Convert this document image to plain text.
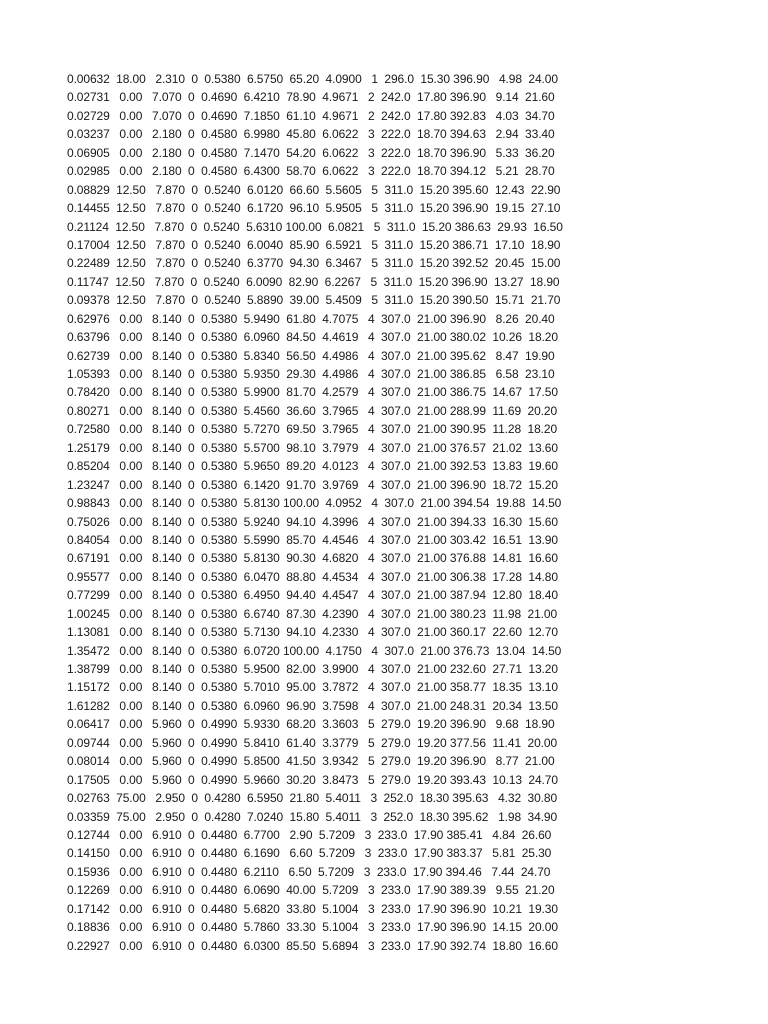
0.00632  18.00   2.310  0  0.5380  6.5750  65.20  4.0900   1  296.0  15.30 396.90   4.98  24.00
0.02731   0.00   7.070  0  0.4690  6.4210  78.90  4.9671   2  242.0  17.80 396.90   9.14  21.60
0.02729   0.00   7.070  0  0.4690  7.1850  61.10  4.9671   2  242.0  17.80 392.83   4.03  34.70
0.03237   0.00   2.180  0  0.4580  6.9980  45.80  6.0622   3  222.0  18.70 394.63   2.94  33.40
0.06905   0.00   2.180  0  0.4580  7.1470  54.20  6.0622   3  222.0  18.70 396.90   5.33  36.20
0.02985   0.00   2.180  0  0.4580  6.4300  58.70  6.0622   3  222.0  18.70 394.12   5.21  28.70
0.08829  12.50   7.870  0  0.5240  6.0120  66.60  5.5605   5  311.0  15.20 395.60  12.43  22.90
0.14455  12.50   7.870  0  0.5240  6.1720  96.10  5.9505   5  311.0  15.20 396.90  19.15  27.10
0.21124  12.50   7.870  0  0.5240  5.6310 100.00  6.0821   5  311.0  15.20 386.63  29.93  16.50
0.17004  12.50   7.870  0  0.5240  6.0040  85.90  6.5921   5  311.0  15.20 386.71  17.10  18.90
0.22489  12.50   7.870  0  0.5240  6.3770  94.30  6.3467   5  311.0  15.20 392.52  20.45  15.00
0.11747  12.50   7.870  0  0.5240  6.0090  82.90  6.2267   5  311.0  15.20 396.90  13.27  18.90
0.09378  12.50   7.870  0  0.5240  5.8890  39.00  5.4509   5  311.0  15.20 390.50  15.71  21.70
0.62976   0.00   8.140  0  0.5380  5.9490  61.80  4.7075   4  307.0  21.00 396.90   8.26  20.40
0.63796   0.00   8.140  0  0.5380  6.0960  84.50  4.4619   4  307.0  21.00 380.02  10.26  18.20
0.62739   0.00   8.140  0  0.5380  5.8340  56.50  4.4986   4  307.0  21.00 395.62   8.47  19.90
1.05393   0.00   8.140  0  0.5380  5.9350  29.30  4.4986   4  307.0  21.00 386.85   6.58  23.10
0.78420   0.00   8.140  0  0.5380  5.9900  81.70  4.2579   4  307.0  21.00 386.75  14.67  17.50
0.80271   0.00   8.140  0  0.5380  5.4560  36.60  3.7965   4  307.0  21.00 288.99  11.69  20.20
0.72580   0.00   8.140  0  0.5380  5.7270  69.50  3.7965   4  307.0  21.00 390.95  11.28  18.20
1.25179   0.00   8.140  0  0.5380  5.5700  98.10  3.7979   4  307.0  21.00 376.57  21.02  13.60
0.85204   0.00   8.140  0  0.5380  5.9650  89.20  4.0123   4  307.0  21.00 392.53  13.83  19.60
1.23247   0.00   8.140  0  0.5380  6.1420  91.70  3.9769   4  307.0  21.00 396.90  18.72  15.20
0.98843   0.00   8.140  0  0.5380  5.8130 100.00  4.0952   4  307.0  21.00 394.54  19.88  14.50
0.75026   0.00   8.140  0  0.5380  5.9240  94.10  4.3996   4  307.0  21.00 394.33  16.30  15.60
0.84054   0.00   8.140  0  0.5380  5.5990  85.70  4.4546   4  307.0  21.00 303.42  16.51  13.90
0.67191   0.00   8.140  0  0.5380  5.8130  90.30  4.6820   4  307.0  21.00 376.88  14.81  16.60
0.95577   0.00   8.140  0  0.5380  6.0470  88.80  4.4534   4  307.0  21.00 306.38  17.28  14.80
0.77299   0.00   8.140  0  0.5380  6.4950  94.40  4.4547   4  307.0  21.00 387.94  12.80  18.40
1.00245   0.00   8.140  0  0.5380  6.6740  87.30  4.2390   4  307.0  21.00 380.23  11.98  21.00
1.13081   0.00   8.140  0  0.5380  5.7130  94.10  4.2330   4  307.0  21.00 360.17  22.60  12.70
1.35472   0.00   8.140  0  0.5380  6.0720 100.00  4.1750   4  307.0  21.00 376.73  13.04  14.50
1.38799   0.00   8.140  0  0.5380  5.9500  82.00  3.9900   4  307.0  21.00 232.60  27.71  13.20
1.15172   0.00   8.140  0  0.5380  5.7010  95.00  3.7872   4  307.0  21.00 358.77  18.35  13.10
1.61282   0.00   8.140  0  0.5380  6.0960  96.90  3.7598   4  307.0  21.00 248.31  20.34  13.50
0.06417   0.00   5.960  0  0.4990  5.9330  68.20  3.3603   5  279.0  19.20 396.90   9.68  18.90
0.09744   0.00   5.960  0  0.4990  5.8410  61.40  3.3779   5  279.0  19.20 377.56  11.41  20.00
0.08014   0.00   5.960  0  0.4990  5.8500  41.50  3.9342   5  279.0  19.20 396.90   8.77  21.00
0.17505   0.00   5.960  0  0.4990  5.9660  30.20  3.8473   5  279.0  19.20 393.43  10.13  24.70
0.02763  75.00   2.950  0  0.4280  6.5950  21.80  5.4011   3  252.0  18.30 395.63   4.32  30.80
0.03359  75.00   2.950  0  0.4280  7.0240  15.80  5.4011   3  252.0  18.30 395.62   1.98  34.90
0.12744   0.00   6.910  0  0.4480  6.7700   2.90  5.7209   3  233.0  17.90 385.41   4.84  26.60
0.14150   0.00   6.910  0  0.4480  6.1690   6.60  5.7209   3  233.0  17.90 383.37   5.81  25.30
0.15936   0.00   6.910  0  0.4480  6.2110   6.50  5.7209   3  233.0  17.90 394.46   7.44  24.70
0.12269   0.00   6.910  0  0.4480  6.0690  40.00  5.7209   3  233.0  17.90 389.39   9.55  21.20
0.17142   0.00   6.910  0  0.4480  5.6820  33.80  5.1004   3  233.0  17.90 396.90  10.21  19.30
0.18836   0.00   6.910  0  0.4480  5.7860  33.30  5.1004   3  233.0  17.90 396.90  14.15  20.00
0.22927   0.00   6.910  0  0.4480  6.0300  85.50  5.6894   3  233.0  17.90 392.74  18.80  16.60
